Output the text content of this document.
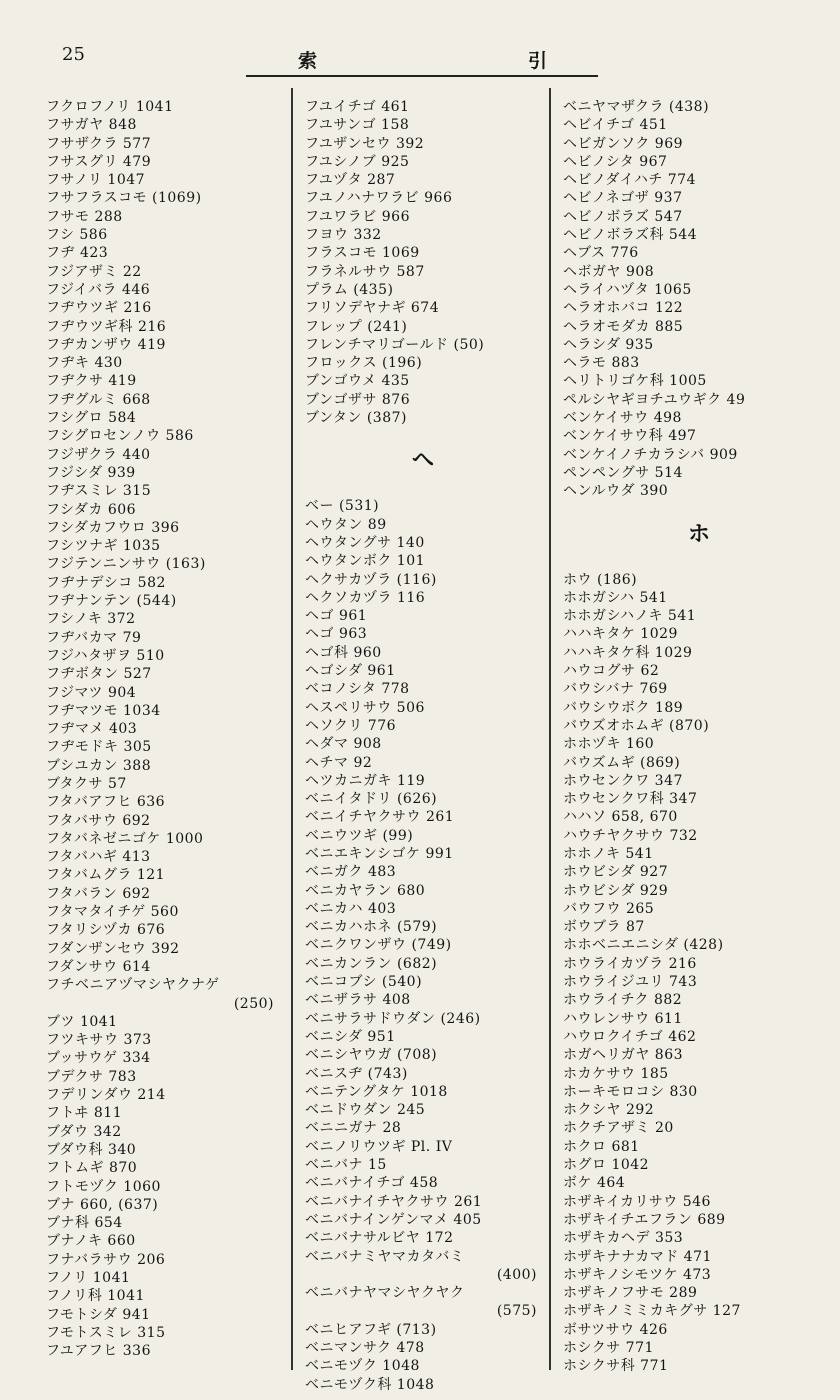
25	索	引
フクロフノリ 1041
フサガヤ 848
フサザクラ 577
フサスグリ 479
フサノリ 1047
フサフラスコモ (1069)
フサモ 288
フシ 586
フヂ 423
フジアザミ 22
フジイバラ 446
フヂウツギ 216
フヂウツギ科 216
フヂカンザウ 419
フヂキ 430
フヂクサ 419
フヂグルミ 668
フシグロ 584
フシグロセンノウ 586
フジザクラ 440
フジシダ 939
フヂスミレ 315
フシダカ 606
フシダカフウロ 396
フシツナギ 1035
フジテンニンサウ (163)
フヂナデシコ 582
フヂナンテン (544)
フシノキ 372
フヂバカマ 79
フジハタザヲ 510
フヂボタン 527
フジマツ 904
フヂマツモ 1034
フヂマメ 403
フヂモドキ 305
ブシユカン 388
ブタクサ 57
フタバアフヒ 636
フタバサウ 692
フタバネゼニゴケ 1000
フタバハギ 413
フタバムグラ 121
フタバラン 692
フタマタイチゲ 560
フタリシヅカ 676
フダンザンセウ 392
フダンサウ 614
フチベニアヅマシヤクナゲ
(250)
ブツ 1041
フツキサウ 373
ブッサウゲ 334
ブデクサ 783
フデリンダウ 214
フトヰ 811
ブダウ 342
ブダウ科 340
フトムギ 870
フトモヅク 1060
ブナ 660, (637)
ブナ科 654
ブナノキ 660
フナバラサウ 206
フノリ 1041
フノリ科 1041
フモトシダ 941
フモトスミレ 315
フユアフヒ 336
フユイチゴ 461
フユサンゴ 158
フユザンセウ 392
フユシノブ 925
フユヅタ 287
フユノハナワラビ 966
フユワラビ 966
フヨウ 332
フラスコモ 1069
フラネルサウ 587
プラム (435)
フリソデヤナギ 674
フレップ (241)
フレンチマリゴールド (50)
フロックス (196)
ブンゴウメ 435
ブンゴザサ 876
ブンタン (387)
へ
ベー (531)
ヘウタン 89
ヘウタングサ 140
ヘウタンボク 101
ヘクサカヅラ (116)
ヘクソカヅラ 116
ヘゴ 961
ヘゴ 963
ヘゴ科 960
ヘゴシダ 961
ベコノシタ 778
ヘスペリサウ 506
ヘソクリ 776
ヘダマ 908
ヘチマ 92
ヘツカニガキ 119
ベニイタドリ (626)
ベニイチヤクサウ 261
ベニウツギ (99)
ベニエキンシゴケ 991
ベニガク 483
ベニカヤラン 680
ベニカハ 403
ベニカハホネ (579)
ベニクワンザウ (749)
ベニカンラン (682)
ベニコブシ (540)
ベニザラサ 408
ベニサラサドウダン (246)
ベニシダ 951
ベニシヤウガ (708)
ベニスヂ (743)
ベニテングタケ 1018
ベニドウダン 245
ベニニガナ 28
ベニノリウツギ Pl. IV
ベニバナ 15
ベニバナイチゴ 458
ベニバナイチヤクサウ 261
ベニバナインゲンマメ 405
ベニバナサルビヤ 172
ベニバナミヤマカタバミ
(400)
ベニバナヤマシヤクヤク
(575)
ベニヒアフギ (713)
ベニマンサク 478
ベニモヅク 1048
ベニモヅク科 1048
ベニヤマザクラ (438)
ヘビイチゴ 451
ヘビガンソク 969
ヘビノシタ 967
ヘビノダイハチ 774
ヘビノネゴザ 937
ヘビノボラズ 547
ヘビノボラズ科 544
ヘブス 776
ヘボガヤ 908
ヘライハヅタ 1065
ヘラオホバコ 122
ヘラオモダカ 885
ヘラシダ 935
ヘラモ 883
ヘリトリゴケ科 1005
ペルシヤギヨチユウギク 49
ベンケイサウ 498
ベンケイサウ科 497
ベンケイノチカラシバ 909
ペンペングサ 514
ヘンルウダ 390
ホ
ホウ (186)
ホホガシハ 541
ホホガシハノキ 541
ハハキタケ 1029
ハハキタケ科 1029
ハウコグサ 62
バウシバナ 769
バウシウボク 189
バウズオホムギ (870)
ホホヅキ 160
バウズムギ (869)
ホウセンクワ 347
ホウセンクワ科 347
ハハソ 658, 670
ハウチヤクサウ 732
ホホノキ 541
ホウビシダ 927
ホウビシダ 929
バウフウ 265
ボウブラ 87
ホホベニエニシダ (428)
ホウライカヅラ 216
ホウライジユリ 743
ホウライチク 882
ハウレンサウ 611
ハウロクイチゴ 462
ホガヘリガヤ 863
ホカケサウ 185
ホーキモロコシ 830
ホクシヤ 292
ホクチアザミ 20
ホクロ 681
ホグロ 1042
ボケ 464
ホザキイカリサウ 546
ホザキイチエフラン 689
ホザキカヘデ 353
ホザキナナカマド 471
ホザキノシモツケ 473
ホザキノフサモ 289
ホザキノミミカキグサ 127
ボサツサウ 426
ホシクサ 771
ホシクサ科 771
